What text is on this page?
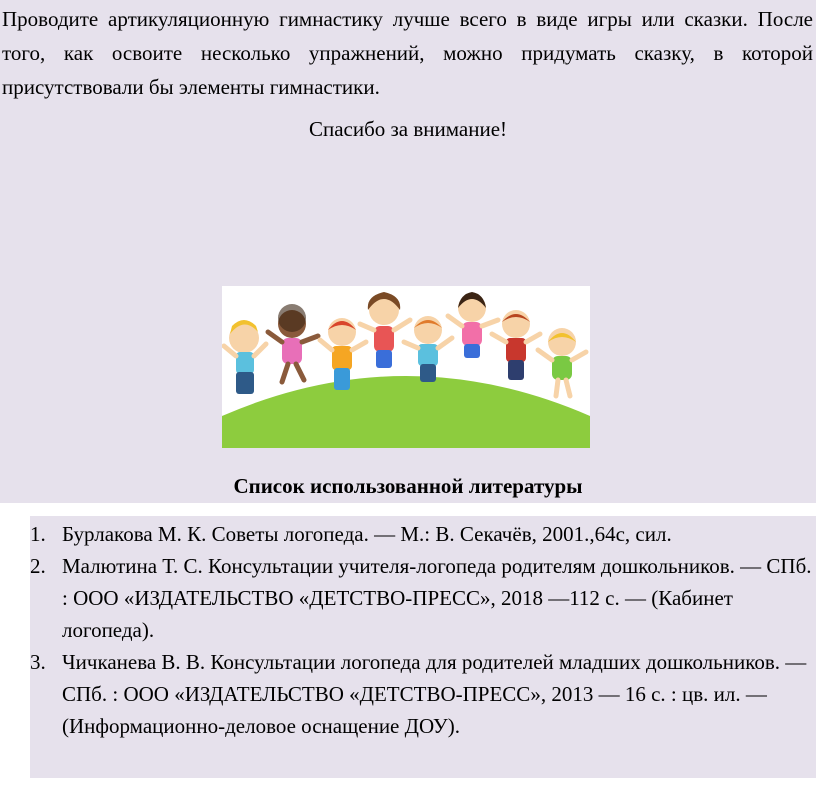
Проводите артикуляционную гимнастику лучше всего в виде игры или сказки. После того, как освоите несколько упражнений, можно придумать сказку, в которой присутствовали бы элементы гимнастики.

Спасибо за внимание!

Список использованной литературы
1. Бурлакова М. К. Советы логопеда. — М.: В. Секачёв, 2001.,64с, сил.
2. Малютина Т. С. Консультации учителя-логопеда родителям дошкольников. — СПб. : ООО «ИЗДАТЕЛЬСТВО «ДЕТСТВО-ПРЕСС», 2018 —112 с. — (Кабинет логопеда).
3. Чичканева В. В. Консультации логопеда для родителей младших дошкольников. — СПб. : ООО «ИЗДАТЕЛЬСТВО «ДЕТСТВО-ПРЕСС», 2013 — 16 с. : цв. ил. — (Информационно-деловое оснащение ДОУ).
